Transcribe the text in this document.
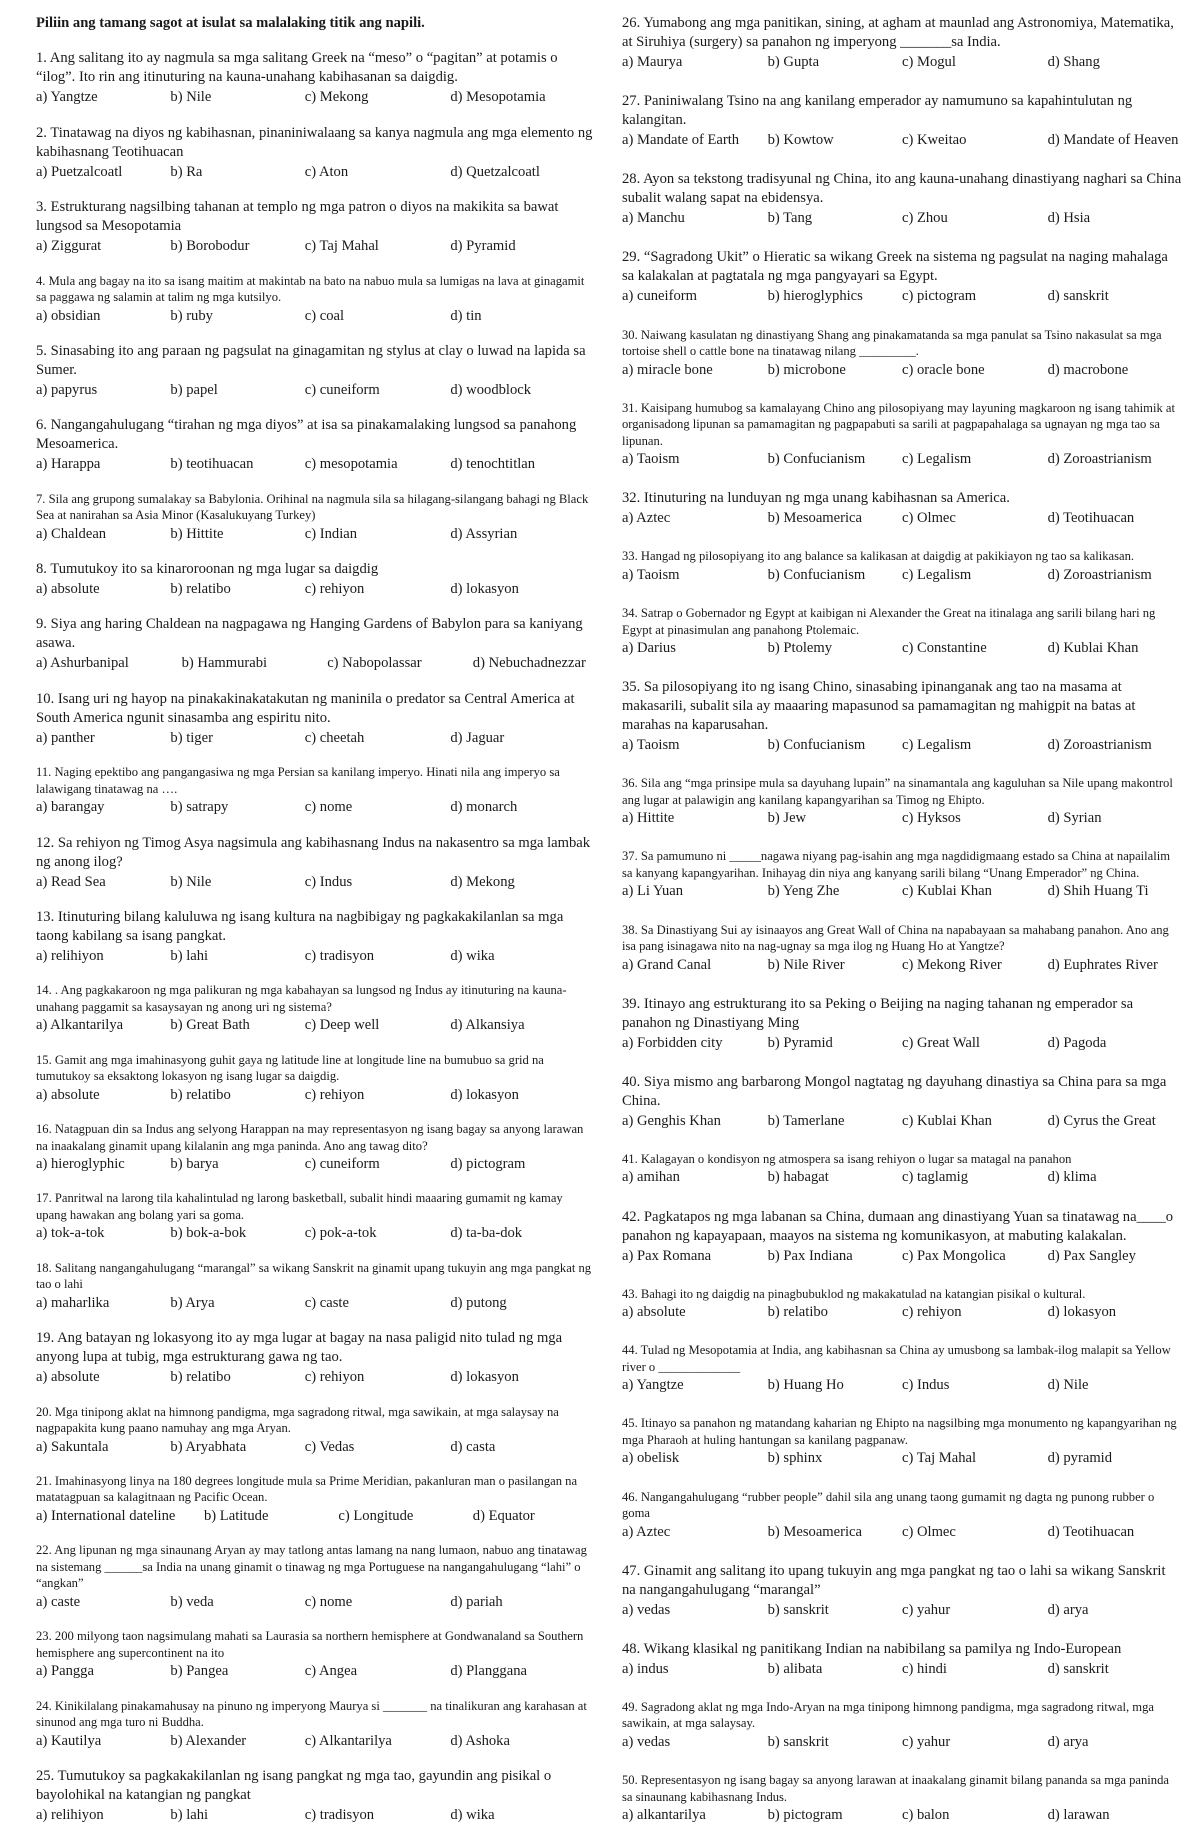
Piliin ang tamang sagot at isulat sa malalaking titik ang napili.

1. Ang salitang ito ay nagmula sa mga salitang Greek na “meso” o “pagitan” at potamis o “ilog”. Ito rin ang itinuturing na kauna-unahang kabihasanan sa daigdig.

a) Yangtze	b) Nile	c) Mekong	d) Mesopotamia

2. Tinatawag na diyos ng kabihasnan, pinaniniwalaang sa kanya nagmula ang mga elemento ng kabihasnang Teotihuacan

a) Puetzalcoatl	b) Ra	c) Aton	d) Quetzalcoatl

3. Estrukturang nagsilbing tahanan at templo ng mga patron o diyos na makikita sa bawat lungsod sa Mesopotamia

a) Ziggurat	b) Borobodur	c) Taj Mahal	d) Pyramid

4. Mula ang bagay na ito sa isang maitim at makintab na bato na nabuo mula sa lumigas na lava at ginagamit sa paggawa ng salamin at talim ng mga kutsilyo.

a) obsidian	b) ruby	c) coal	d) tin

5. Sinasabing ito ang paraan ng pagsulat na ginagamitan ng stylus at clay o luwad na lapida sa Sumer.

a) papyrus	b) papel	c) cuneiform	d) woodblock

6. Nangangahulugang “tirahan ng mga diyos” at isa sa pinakamalaking lungsod sa panahong Mesoamerica.

a) Harappa	b) teotihuacan	c) mesopotamia	d) tenochtitlan

7. Sila ang grupong sumalakay sa Babylonia. Orihinal na nagmula sila sa hilagang-silangang bahagi ng Black Sea at nanirahan sa Asia Minor (Kasalukuyang Turkey)

a) Chaldean	b) Hittite	c) Indian	d) Assyrian

8. Tumutukoy ito sa kinaroroonan ng mga lugar sa daigdig

a) absolute	b) relatibo	c) rehiyon	d) lokasyon

9. Siya ang haring Chaldean na nagpagawa ng Hanging Gardens of Babylon para sa kaniyang asawa.

a) Ashurbanipal	b) Hammurabi	c) Nabopolassar	d) Nebuchadnezzar

10. Isang uri ng hayop na pinakakinakatakutan ng maninila o predator sa Central America at South America ngunit sinasamba ang espiritu nito.

a) panther	b) tiger	c) cheetah	d) Jaguar

11. Naging epektibo ang pangangasiwa ng mga Persian sa kanilang imperyo. Hinati nila ang imperyo sa lalawigang tinatawag na ….

a) barangay	b) satrapy	c) nome	d) monarch

12. Sa rehiyon ng Timog Asya nagsimula ang kabihasnang Indus na nakasentro sa mga lambak ng anong ilog?

a) Read Sea	b) Nile	c) Indus	d) Mekong

13. Itinuturing bilang kaluluwa ng isang kultura na nagbibigay ng pagkakakilanlan sa mga taong kabilang sa isang pangkat.

a) relihiyon	b) lahi	c) tradisyon	d) wika

14. . Ang pagkakaroon ng mga palikuran ng mga kabahayan sa lungsod ng Indus ay itinuturing na kauna-unahang paggamit sa kasaysayan ng anong uri ng sistema?

a) Alkantarilya	b) Great Bath	c) Deep well	d) Alkansiya

15. Gamit ang mga imahinasyong guhit gaya ng latitude line at longitude line na bumubuo sa grid na tumutukoy sa eksaktong lokasyon ng isang lugar sa daigdig.

a) absolute	b) relatibo	c) rehiyon	d) lokasyon

16. Natagpuan din sa Indus ang selyong Harappan na may representasyon ng isang bagay sa anyong larawan na inaakalang ginamit upang kilalanin ang mga paninda. Ano ang tawag dito?

a) hieroglyphic	b) barya	c) cuneiform	d) pictogram

17. Panritwal na larong tila kahalintulad ng larong basketball, subalit hindi maaaring gumamit ng kamay upang hawakan ang bolang yari sa goma.

a) tok-a-tok	b) bok-a-bok	c) pok-a-tok	d) ta-ba-dok

18. Salitang nangangahulugang “marangal” sa wikang Sanskrit na ginamit upang tukuyin ang mga pangkat ng tao o lahi

a) maharlika	b) Arya	c) caste	d) putong

19. Ang batayan ng lokasyong ito ay mga lugar at bagay na nasa paligid nito tulad ng mga anyong lupa at tubig, mga estrukturang gawa ng tao.

a) absolute	b) relatibo	c) rehiyon	d) lokasyon

20. Mga tinipong aklat na himnong pandigma, mga sagradong ritwal, mga sawikain, at mga salaysay na nagpapakita kung paano namuhay ang mga Aryan.

a) Sakuntala	b) Aryabhata	c) Vedas	d) casta

21. Imahinasyong linya na 180 degrees longitude mula sa Prime Meridian, pakanluran man o pasilangan na matatagpuan sa kalagitnaan ng Pacific Ocean.

a) International dateline	b) Latitude	c) Longitude	d) Equator

22. Ang lipunan ng mga sinaunang Aryan ay may tatlong antas lamang na nang lumaon, nabuo ang tinatawag na sistemang ______sa India na unang ginamit o tinawag ng mga Portuguese na nangangahulugang “lahi” o “angkan”

a) caste	b) veda	c) nome	d) pariah

23. 200 milyong taon nagsimulang mahati sa Laurasia sa northern hemisphere at Gondwanaland sa Southern hemisphere ang supercontinent na ito

a) Pangga	b) Pangea	c) Angea	d) Planggana

24. Kinikilalang pinakamahusay na pinuno ng imperyong Maurya si _______ na tinalikuran ang karahasan at sinunod ang mga turo ni Buddha.

a) Kautilya	b) Alexander	c) Alkantarilya	d) Ashoka

25. Tumutukoy sa pagkakakilanlan ng isang pangkat ng mga tao, gayundin ang pisikal o bayolohikal na katangian ng pangkat

a) relihiyon	b) lahi	c) tradisyon	d) wika

26. Yumabong ang mga panitikan, sining, at agham at maunlad ang Astronomiya, Matematika, at Siruhiya (surgery) sa panahon ng imperyong _______sa India.

a) Maurya	b) Gupta	c) Mogul	d) Shang

27. Paniniwalang Tsino na ang kanilang emperador ay namumuno sa kapahintulutan ng kalangitan.

a) Mandate of Earth	b) Kowtow	c) Kweitao	d) Mandate of Heaven

28. Ayon sa tekstong tradisyunal ng China, ito ang kauna-unahang dinastiyang naghari sa China subalit walang sapat na ebidensya.

a) Manchu	b) Tang	c) Zhou	d) Hsia

29. “Sagradong Ukit” o Hieratic sa wikang Greek na sistema ng pagsulat na naging mahalaga sa kalakalan at pagtatala ng mga pangyayari sa Egypt.

a) cuneiform	b) hieroglyphics	c) pictogram	d) sanskrit

30. Naiwang kasulatan ng dinastiyang Shang ang pinakamatanda sa mga panulat sa Tsino nakasulat sa mga tortoise shell o cattle bone na tinatawag nilang _________.

a) miracle bone	b) microbone	c) oracle bone	d) macrobone

31. Kaisipang humubog sa kamalayang Chino ang pilosopiyang may layuning magkaroon ng isang tahimik at organisadong lipunan sa pamamagitan ng pagpapabuti sa sarili at pagpapahalaga sa ugnayan ng mga tao sa lipunan.

a) Taoism	b) Confucianism	c) Legalism	d) Zoroastrianism

32. Itinuturing na lunduyan ng mga unang kabihasnan sa America.

a) Aztec	b) Mesoamerica	c) Olmec	d) Teotihuacan

33. Hangad ng pilosopiyang ito ang balance sa kalikasan at daigdig at pakikiayon ng tao sa kalikasan.

a) Taoism	b) Confucianism	c) Legalism	d) Zoroastrianism

34. Satrap o Gobernador ng Egypt at kaibigan ni Alexander the Great na itinalaga ang sarili bilang hari ng Egypt at pinasimulan ang panahong Ptolemaic.

a) Darius	b) Ptolemy	c) Constantine	d) Kublai Khan

35. Sa pilosopiyang ito ng isang Chino, sinasabing ipinanganak ang tao na masama at makasarili, subalit sila ay maaaring mapasunod sa pamamagitan ng mahigpit na batas at marahas na kaparusahan.

a) Taoism	b) Confucianism	c) Legalism	d) Zoroastrianism

36. Sila ang “mga prinsipe mula sa dayuhang lupain” na sinamantala ang kaguluhan sa Nile upang makontrol ang lugar at palawigin ang kanilang kapangyarihan sa Timog ng Ehipto.

a) Hittite	b) Jew	c) Hyksos	d) Syrian

37. Sa pamumuno ni _____nagawa niyang pag-isahin ang mga nagdidigmaang estado sa China at napailalim sa kanyang kapangyarihan. Inihayag din niya ang kanyang sarili bilang “Unang Emperador” ng China.

a) Li Yuan	b) Yeng Zhe	c) Kublai Khan	d) Shih Huang Ti

38. Sa Dinastiyang Sui ay isinaayos ang Great Wall of China na napabayaan sa mahabang panahon. Ano ang isa pang isinagawa nito na nag-ugnay sa mga ilog ng Huang Ho at Yangtze?

a) Grand Canal	b) Nile River	c) Mekong River	d) Euphrates River

39. Itinayo ang estrukturang ito sa Peking o Beijing na naging tahanan ng emperador sa panahon ng Dinastiyang Ming

a) Forbidden city	b) Pyramid	c) Great Wall	d) Pagoda

40. Siya mismo ang barbarong Mongol nagtatag ng dayuhang dinastiya sa China para sa mga China.

a) Genghis Khan	b) Tamerlane	c) Kublai Khan	d) Cyrus the Great

41. Kalagayan o kondisyon ng atmospera sa isang rehiyon o lugar sa matagal na panahon

a) amihan	b) habagat	c) taglamig	d) klima

42. Pagkatapos ng mga labanan sa China, dumaan ang dinastiyang Yuan sa tinatawag na____o panahon ng kapayapaan, maayos na sistema ng komunikasyon, at mabuting kalakalan.

a) Pax Romana	b) Pax Indiana	c) Pax Mongolica	d) Pax Sangley

43. Bahagi ito ng daigdig na pinagbubuklod ng makakatulad na katangian pisikal o kultural.

a) absolute	b) relatibo	c) rehiyon	d) lokasyon

44. Tulad ng Mesopotamia at India, ang kabihasnan sa China ay umusbong sa lambak-ilog malapit sa Yellow river o _____________

a) Yangtze	b) Huang Ho	c) Indus	d) Nile

45. Itinayo sa panahon ng matandang kaharian ng Ehipto na nagsilbing mga monumento ng kapangyarihan ng mga Pharaoh at huling hantungan sa kanilang pagpanaw.

a) obelisk	b) sphinx	c) Taj Mahal	d) pyramid

46. Nangangahulugang “rubber people” dahil sila ang unang taong gumamit ng dagta ng punong rubber o goma

a) Aztec	b) Mesoamerica	c) Olmec	d) Teotihuacan

47. Ginamit ang salitang ito upang tukuyin ang mga pangkat ng tao o lahi sa wikang Sanskrit na nangangahulugang “marangal”

a) vedas	b) sanskrit	c) yahur	d) arya

48. Wikang klasikal ng panitikang Indian na nabibilang sa pamilya ng Indo-European

a) indus	b) alibata	c) hindi	d) sanskrit

49. Sagradong aklat ng mga Indo-Aryan na mga tinipong himnong pandigma, mga sagradong ritwal, mga sawikain, at mga salaysay.

a) vedas	b) sanskrit	c) yahur	d) arya

50. Representasyon ng isang bagay sa anyong larawan at inaakalang ginamit bilang pananda sa mga paninda sa sinaunang kabihasnang Indus.

a) alkantarilya	b) pictogram	c) balon	d) larawan
